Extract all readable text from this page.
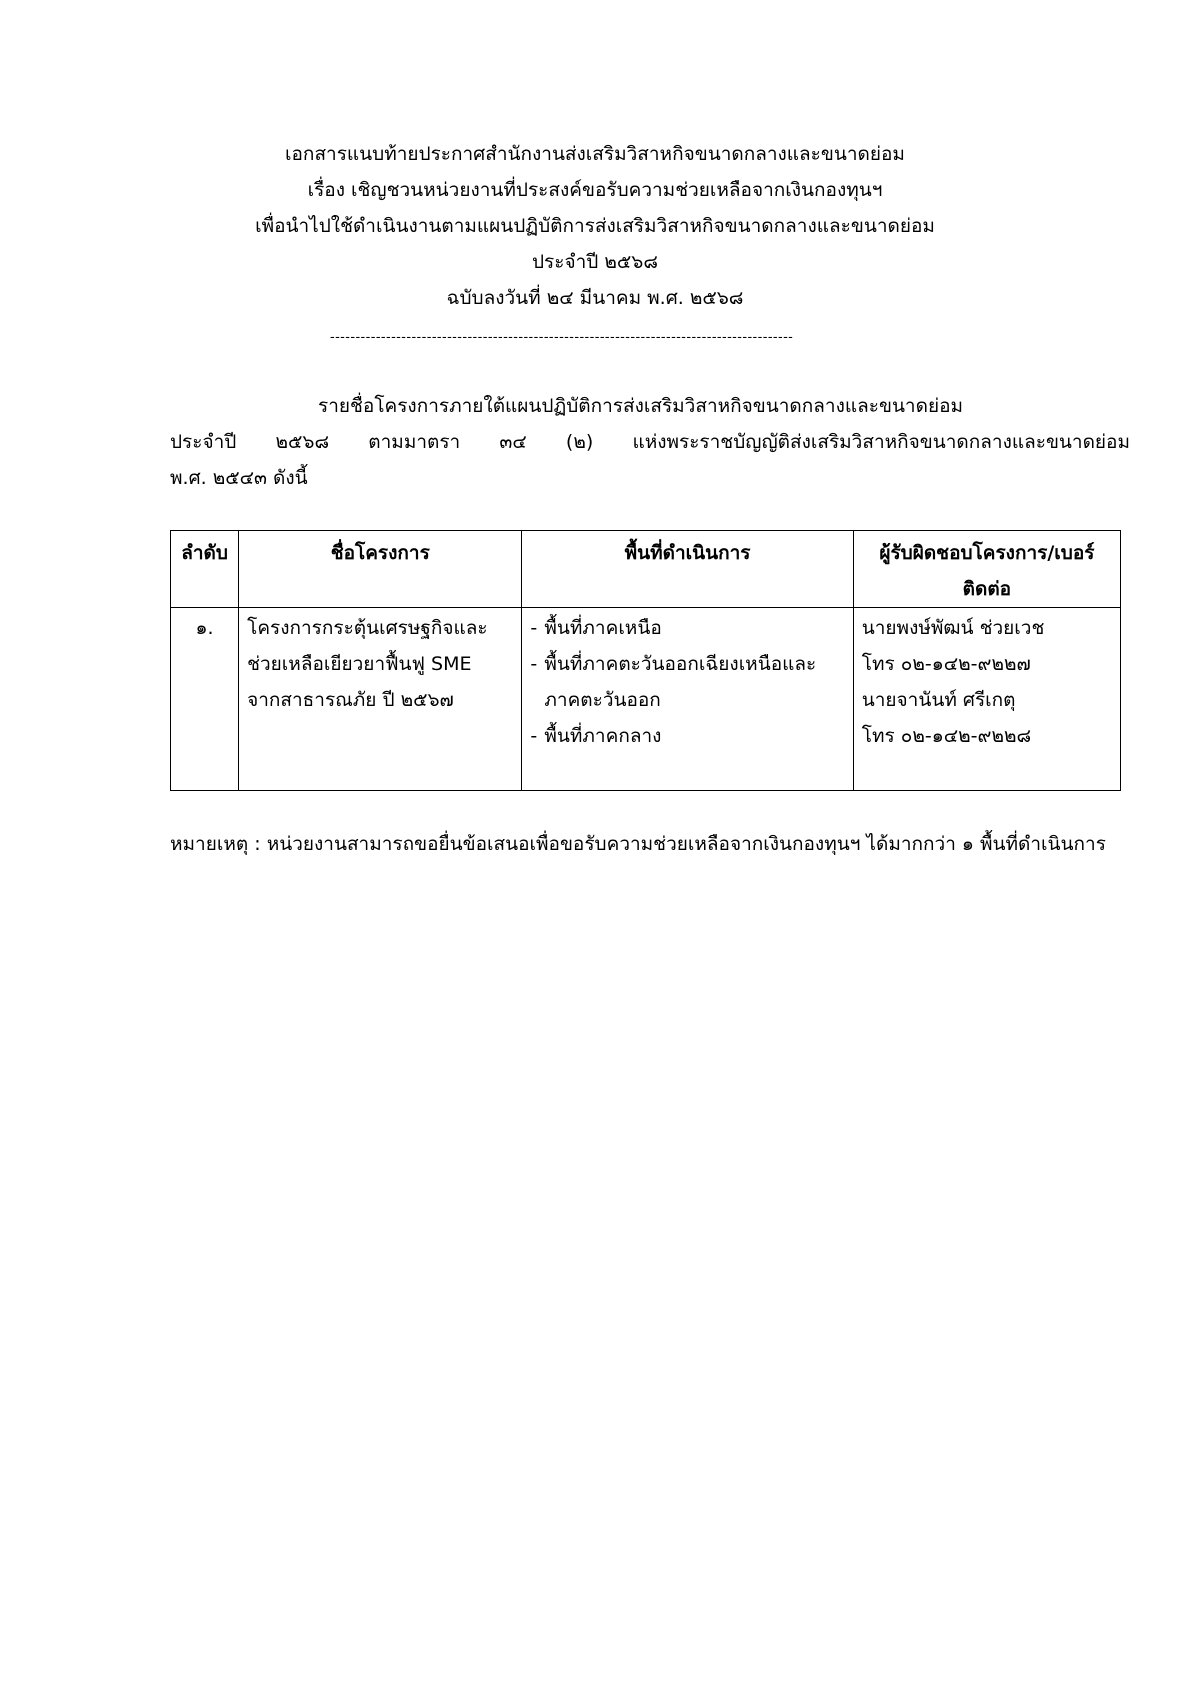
เอกสารแนบท้ายประกาศสำนักงานส่งเสริมวิสาหกิจขนาดกลางและขนาดย่อม
เรื่อง เชิญชวนหน่วยงานที่ประสงค์ขอรับความช่วยเหลือจากเงินกองทุนฯ
เพื่อนำไปใช้ดำเนินงานตามแผนปฏิบัติการส่งเสริมวิสาหกิจขนาดกลางและขนาดย่อม
ประจำปี ๒๕๖๘
ฉบับลงวันที่ ๒๔ มีนาคม พ.ศ. ๒๕๖๘
-------------------------------------------------------------------------------------------
รายชื่อโครงการภายใต้แผนปฏิบัติการส่งเสริมวิสาหกิจขนาดกลางและขนาดย่อม
ประจำปี ๒๕๖๘ ตามมาตรา ๓๔ (๒) แห่งพระราชบัญญัติส่งเสริมวิสาหกิจขนาดกลางและขนาดย่อม
พ.ศ. ๒๕๔๓ ดังนี้
ลำดับ	ชื่อโครงการ	พื้นที่ดำเนินการ	ผู้รับผิดชอบโครงการ/เบอร์
ติดต่อ

๑.	โครงการกระตุ้นเศรษฐกิจและ
ช่วยเหลือเยียวยาฟื้นฟู SME
จากสาธารณภัย ปี ๒๕๖๗	- พื้นที่ภาคเหนือ
- พื้นที่ภาคตะวันออกเฉียงเหนือและ
ภาคตะวันออก
- พื้นที่ภาคกลาง	นายพงษ์พัฒน์ ช่วยเวช
โทร ๐๒-๑๔๒-๙๒๒๗
นายจานันท์ ศรีเกตุ
โทร ๐๒-๑๔๒-๙๒๒๘
หมายเหตุ : หน่วยงานสามารถขอยื่นข้อเสนอเพื่อขอรับความช่วยเหลือจากเงินกองทุนฯ ได้มากกว่า ๑ พื้นที่ดำเนินการ
